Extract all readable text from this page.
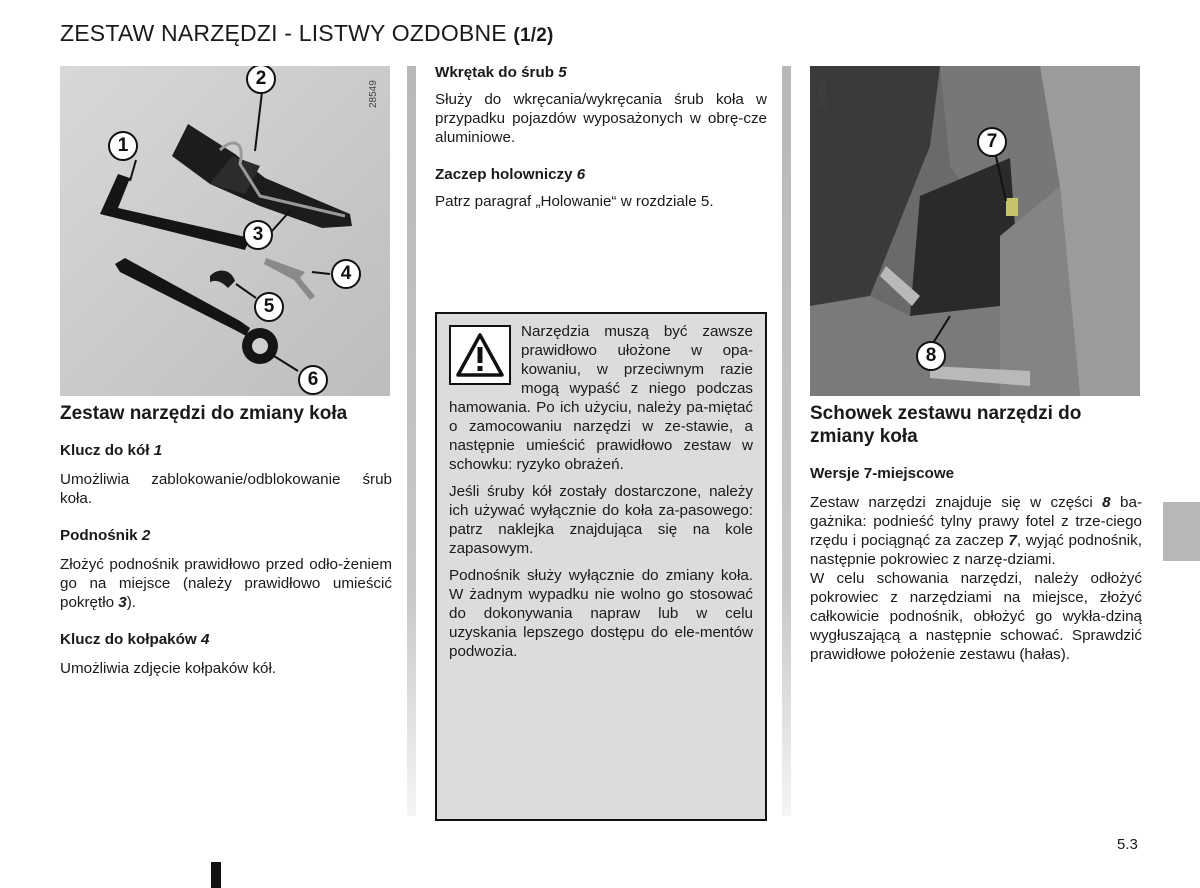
ZESTAW NARZĘDZI - LISTWY OZDOBNE (1/2)
28549
2
1
3
4
5
6
29052
7
8
Zestaw narzędzi do zmiany koła
Klucz do kół 1

Umożliwia zablokowanie/odblokowanie śrub koła.

Podnośnik 2

Złożyć podnośnik prawidłowo przed odło-żeniem go na miejsce (należy prawidłowo umieścić pokrętło 3).

Klucz do kołpaków 4

Umożliwia zdjęcie kołpaków kół.

Wkrętak do śrub 5

Służy do wkręcania/wykręcania śrub koła w przypadku pojazdów wyposażonych w obrę-cze aluminiowe.

Zaczep holowniczy 6

Patrz paragraf „Holowanie“ w rozdziale 5.

Narzędzia muszą być zawsze prawidłowo ułożone w opa-kowaniu, w przeciwnym razie mogą wypaść z niego podczas hamowania. Po ich użyciu, należy pa-miętać o zamocowaniu narzędzi w ze-stawie, a następnie umieścić prawidłowo zestaw w schowku: ryzyko obrażeń.

Jeśli śruby kół zostały dostarczone, należy ich używać wyłącznie do koła za-pasowego: patrz naklejka znajdująca się na kole zapasowym.

Podnośnik służy wyłącznie do zmiany koła. W żadnym wypadku nie wolno go stosować do dokonywania napraw lub w celu uzyskania lepszego dostępu do ele-mentów podwozia.

Schowek zestawu narzędzi do zmiany koła
Wersje 7-miejscowe

Zestaw narzędzi znajduje się w części 8 ba-gażnika: podnieść tylny prawy fotel z trze-ciego rzędu i pociągnąć za zaczep 7, wyjąć podnośnik, następnie pokrowiec z narzę-dziami.

W celu schowania narzędzi, należy odłożyć pokrowiec z narzędziami na miejsce, złożyć całkowicie podnośnik, obłożyć go wykła-dziną wygłuszającą a następnie schować. Sprawdzić prawidłowe położenie zestawu (hałas).

5.3
